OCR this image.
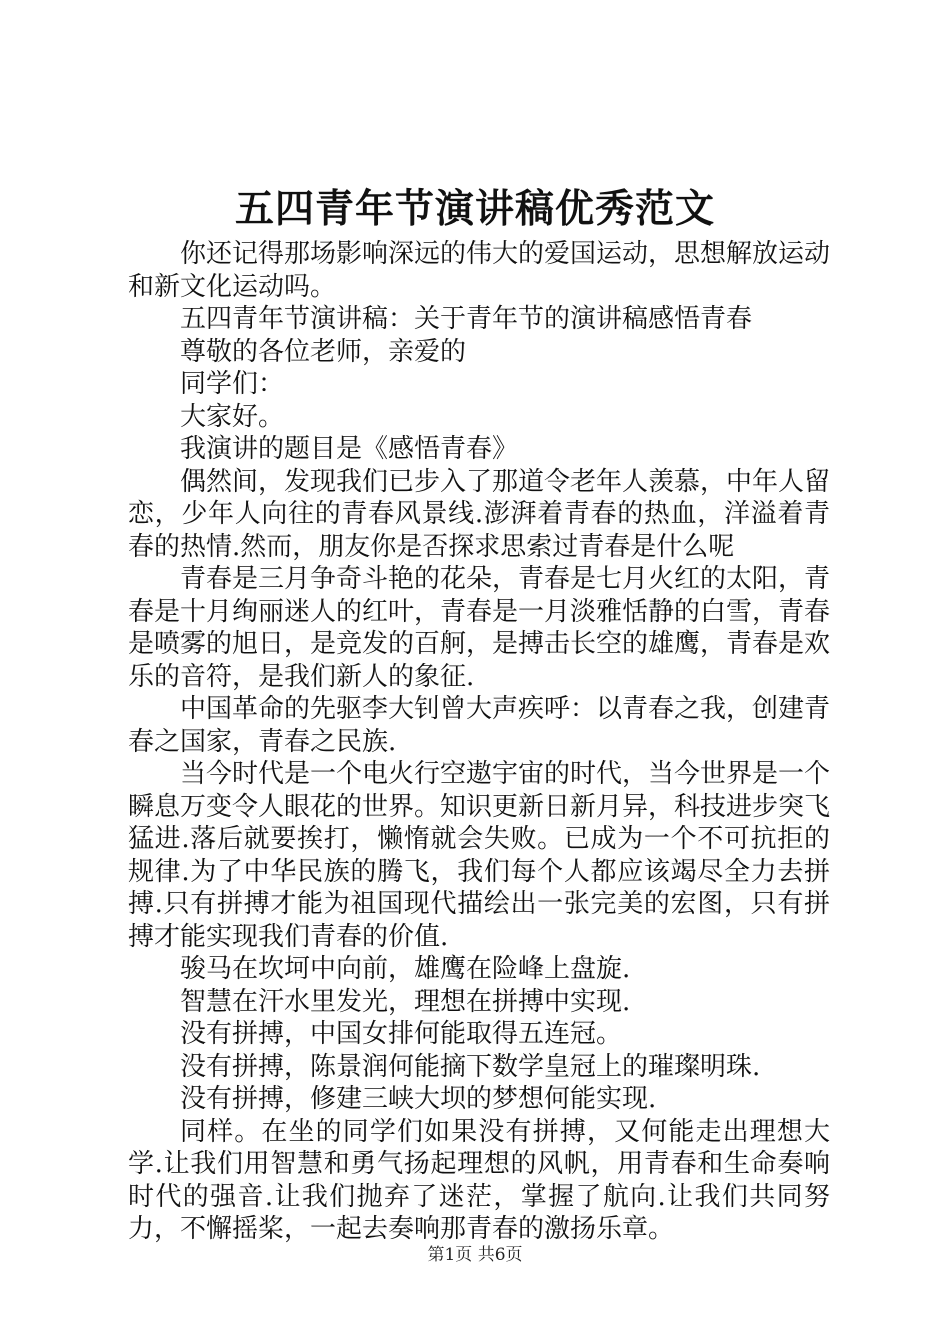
五四青年节演讲稿优秀范文

你还记得那场影响深远的伟大的爱国运动，思想解放运动和新文化运动吗。

五四青年节演讲稿：关于青年节的演讲稿感悟青春

尊敬的各位老师，亲爱的

同学们：

大家好。

我演讲的题目是《感悟青春》

偶然间，发现我们已步入了那道令老年人羡慕，中年人留恋，少年人向往的青春风景线.澎湃着青春的热血，洋溢着青春的热情.然而，朋友你是否探求思索过青春是什么呢

青春是三月争奇斗艳的花朵，青春是七月火红的太阳，青春是十月绚丽迷人的红叶，青春是一月淡雅恬静的白雪，青春是喷雾的旭日，是竞发的百舸，是搏击长空的雄鹰，青春是欢乐的音符，是我们新人的象征.

中国革命的先驱李大钊曾大声疾呼：以青春之我，创建青春之国家，青春之民族.

当今时代是一个电火行空遨宇宙的时代，当今世界是一个瞬息万变令人眼花的世界。知识更新日新月异，科技进步突飞猛进.落后就要挨打，懒惰就会失败。已成为一个不可抗拒的规律.为了中华民族的腾飞，我们每个人都应该竭尽全力去拼搏.只有拼搏才能为祖国现代描绘出一张完美的宏图，只有拼搏才能实现我们青春的价值.

骏马在坎坷中向前，雄鹰在险峰上盘旋.

智慧在汗水里发光，理想在拼搏中实现.

没有拼搏，中国女排何能取得五连冠。

没有拼搏，陈景润何能摘下数学皇冠上的璀璨明珠.

没有拼搏，修建三峡大坝的梦想何能实现.

同样。在坐的同学们如果没有拼搏，又何能走出理想大学.让我们用智慧和勇气扬起理想的风帆，用青春和生命奏响时代的强音.让我们抛弃了迷茫，掌握了航向.让我们共同努力，不懈摇桨，一起去奏响那青春的激扬乐章。

第1页 共6页
